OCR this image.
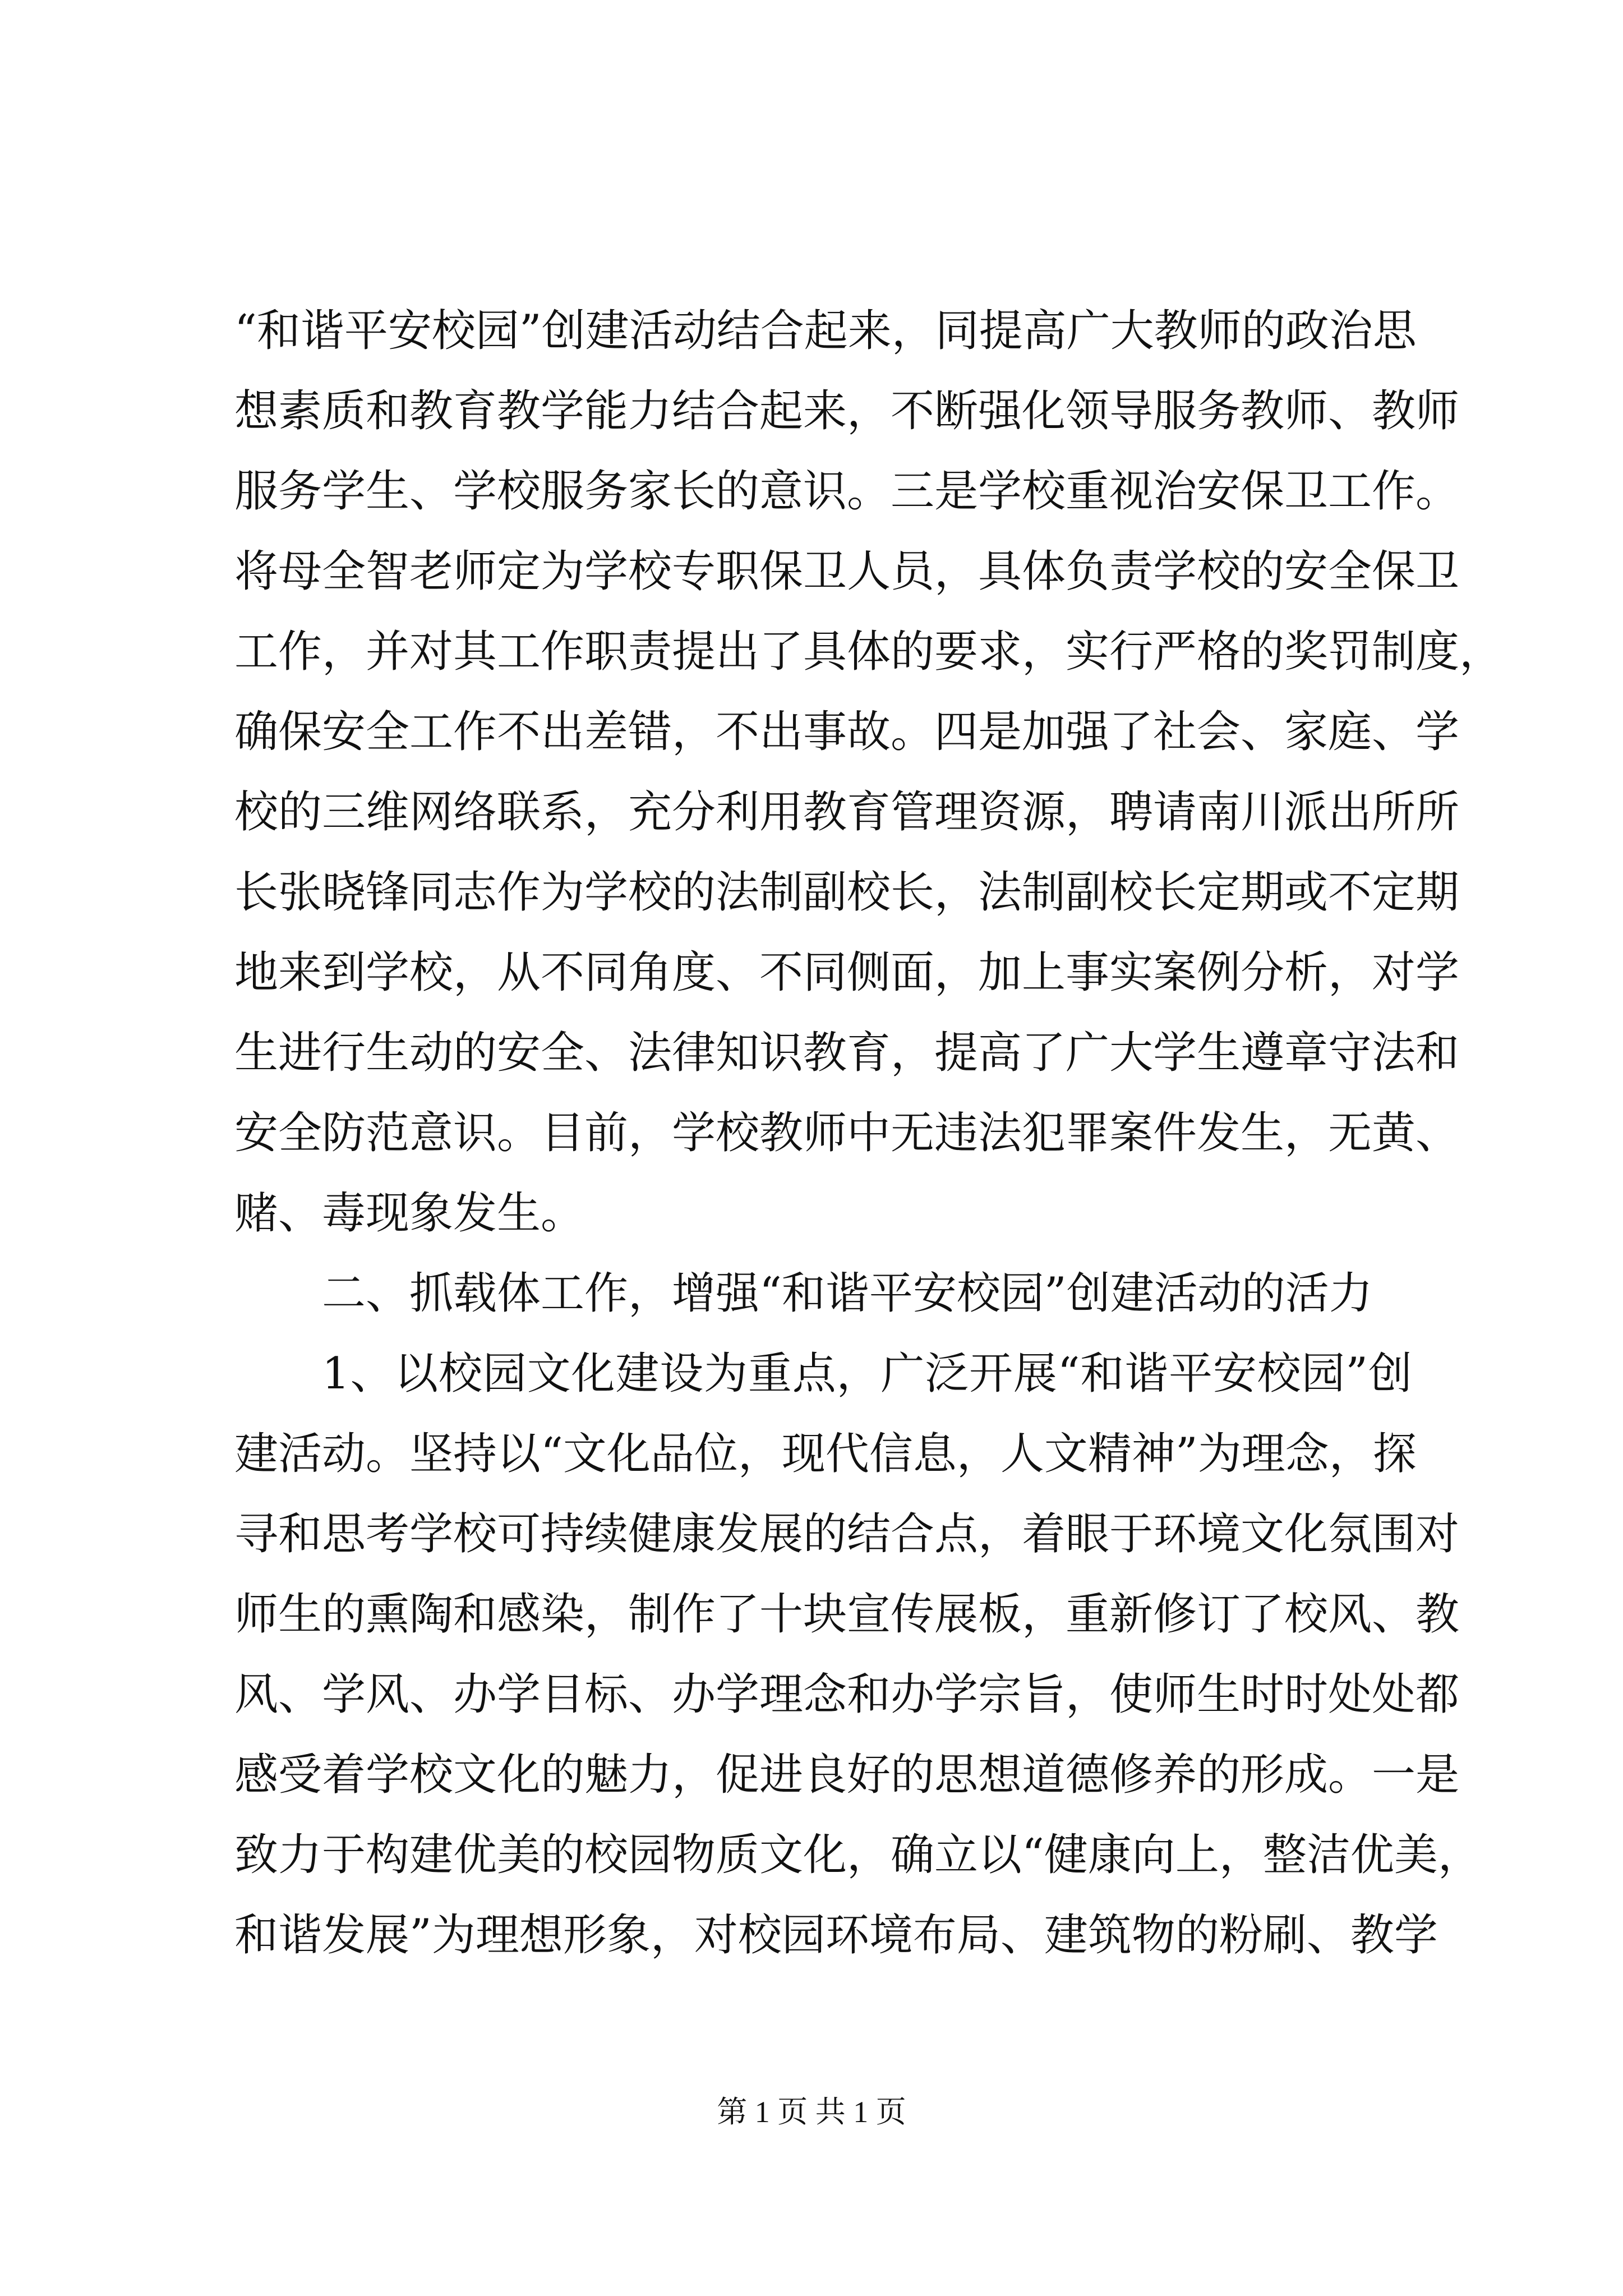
“和谐平安校园”创建活动结合起来，同提高广大教师的政治思
想素质和教育教学能力结合起来，不断强化领导服务教师、教师
服务学生、学校服务家长的意识。三是学校重视治安保卫工作。
将母全智老师定为学校专职保卫人员，具体负责学校的安全保卫
工作，并对其工作职责提出了具体的要求，实行严格的奖罚制度，
确保安全工作不出差错，不出事故。四是加强了社会、家庭、学
校的三维网络联系，充分利用教育管理资源，聘请南川派出所所
长张晓锋同志作为学校的法制副校长，法制副校长定期或不定期
地来到学校，从不同角度、不同侧面，加上事实案例分析，对学
生进行生动的安全、法律知识教育，提高了广大学生遵章守法和
安全防范意识。目前，学校教师中无违法犯罪案件发生，无黄、
赌、毒现象发生。
二、抓载体工作，增强“和谐平安校园”创建活动的活力
1、以校园文化建设为重点，广泛开展“和谐平安校园”创
建活动。坚持以“文化品位，现代信息，人文精神”为理念，探
寻和思考学校可持续健康发展的结合点，着眼于环境文化氛围对
师生的熏陶和感染，制作了十块宣传展板，重新修订了校风、教
风、学风、办学目标、办学理念和办学宗旨，使师生时时处处都
感受着学校文化的魅力，促进良好的思想道德修养的形成。一是
致力于构建优美的校园物质文化，确立以“健康向上，整洁优美，
和谐发展”为理想形象，对校园环境布局、建筑物的粉刷、教学
第 1 页 共 1 页
